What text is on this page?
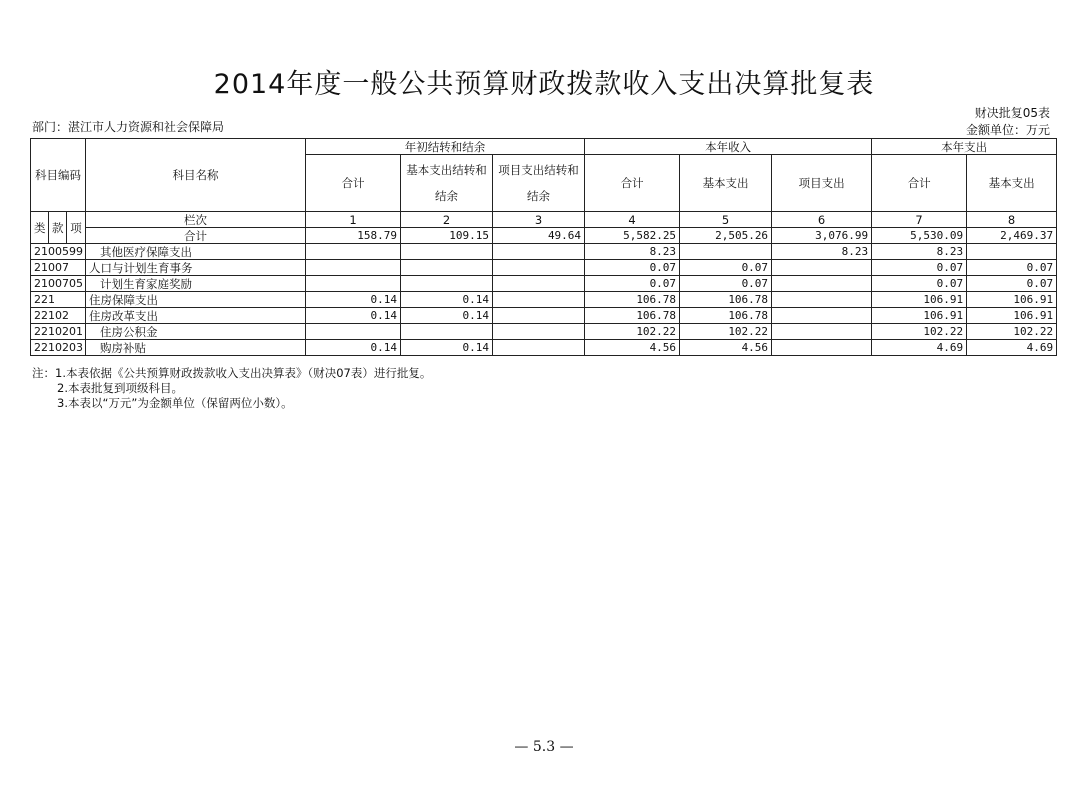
2014年度一般公共预算财政拨款收入支出决算批复表
财决批复05表
金额单位：万元
部门：湛江市人力资源和社会保障局
科目编码			科目名称	年初结转和结余			本年收入			本年支出	
				合计	基本支出结转和结余	项目支出结转和结余	合计	基本支出	项目支出	合计	基本支出

类	款	项	栏次	1	2	3	4	5	6	7	8
			合计	158.79	109.15	49.64	5,582.25	2,505.26	3,076.99	5,530.09	2,469.37
2100599			其他医疗保障支出				8.23		8.23	8.23	
21007			人口与计划生育事务				0.07	0.07		0.07	0.07
2100705			计划生育家庭奖励				0.07	0.07		0.07	0.07
221			住房保障支出	0.14	0.14		106.78	106.78		106.91	106.91
22102			住房改革支出	0.14	0.14		106.78	106.78		106.91	106.91
2210201			住房公积金				102.22	102.22		102.22	102.22
2210203			购房补贴	0.14	0.14		4.56	4.56		4.69	4.69
注：1.本表依据《公共预算财政拨款收入支出决算表》（财决07表）进行批复。
2.本表批复到项级科目。
3.本表以“万元”为金额单位（保留两位小数）。
— 5.3 —
